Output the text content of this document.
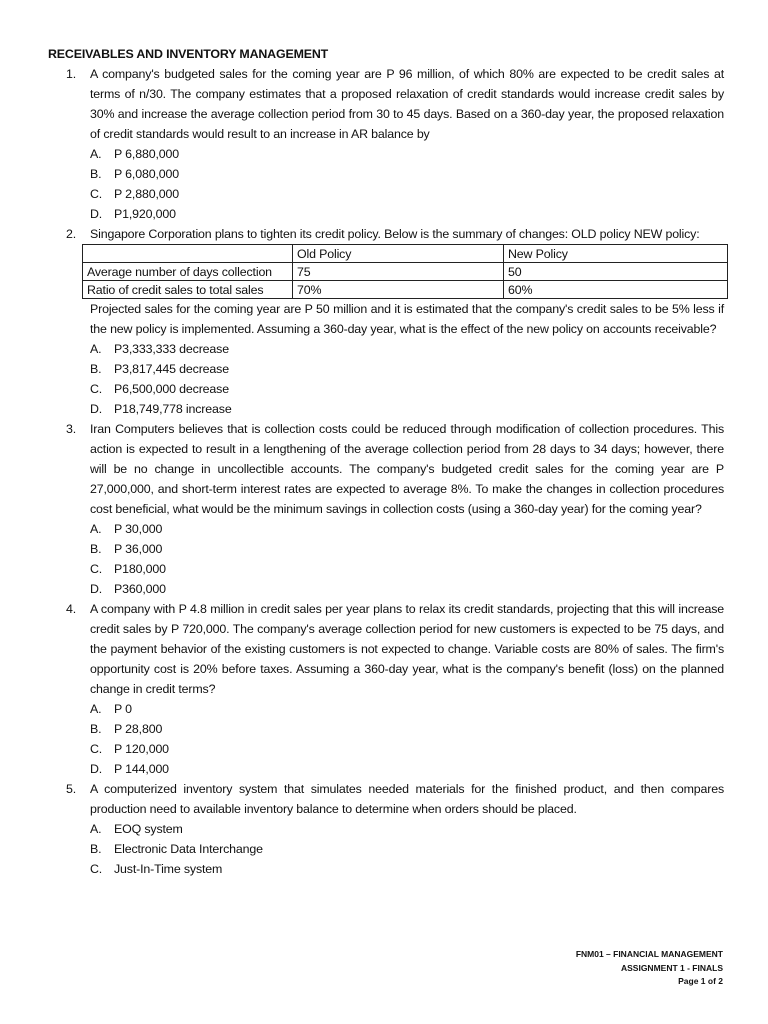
RECEIVABLES AND INVENTORY MANAGEMENT
1. A company's budgeted sales for the coming year are P 96 million, of which 80% are expected to be credit sales at terms of n/30. The company estimates that a proposed relaxation of credit standards would increase credit sales by 30% and increase the average collection period from 30 to 45 days. Based on a 360-day year, the proposed relaxation of credit standards would result to an increase in AR balance by
A. P 6,880,000
B. P 6,080,000
C. P 2,880,000
D. P1,920,000
2. Singapore Corporation plans to tighten its credit policy. Below is the summary of changes: OLD policy NEW policy:
	Old Policy	New Policy
Average number of days collection	75	50
Ratio of credit sales to total sales	70%	60%
Projected sales for the coming year are P 50 million and it is estimated that the company's credit sales to be 5% less if the new policy is implemented. Assuming a 360-day year, what is the effect of the new policy on accounts receivable?
A. P3,333,333 decrease
B. P3,817,445 decrease
C. P6,500,000 decrease
D. P18,749,778 increase
3. Iran Computers believes that is collection costs could be reduced through modification of collection procedures. This action is expected to result in a lengthening of the average collection period from 28 days to 34 days; however, there will be no change in uncollectible accounts. The company's budgeted credit sales for the coming year are P 27,000,000, and short-term interest rates are expected to average 8%. To make the changes in collection procedures cost beneficial, what would be the minimum savings in collection costs (using a 360-day year) for the coming year?
A. P 30,000
B. P 36,000
C. P180,000
D. P360,000
4. A company with P 4.8 million in credit sales per year plans to relax its credit standards, projecting that this will increase credit sales by P 720,000. The company's average collection period for new customers is expected to be 75 days, and the payment behavior of the existing customers is not expected to change. Variable costs are 80% of sales. The firm's opportunity cost is 20% before taxes. Assuming a 360-day year, what is the company's benefit (loss) on the planned change in credit terms?
A. P 0
B. P 28,800
C. P 120,000
D. P 144,000
5. A computerized inventory system that simulates needed materials for the finished product, and then compares production need to available inventory balance to determine when orders should be placed.
A. EOQ system
B. Electronic Data Interchange
C. Just-In-Time system
FNM01 – FINANCIAL MANAGEMENT
ASSIGNMENT 1 - FINALS
Page 1 of 2
